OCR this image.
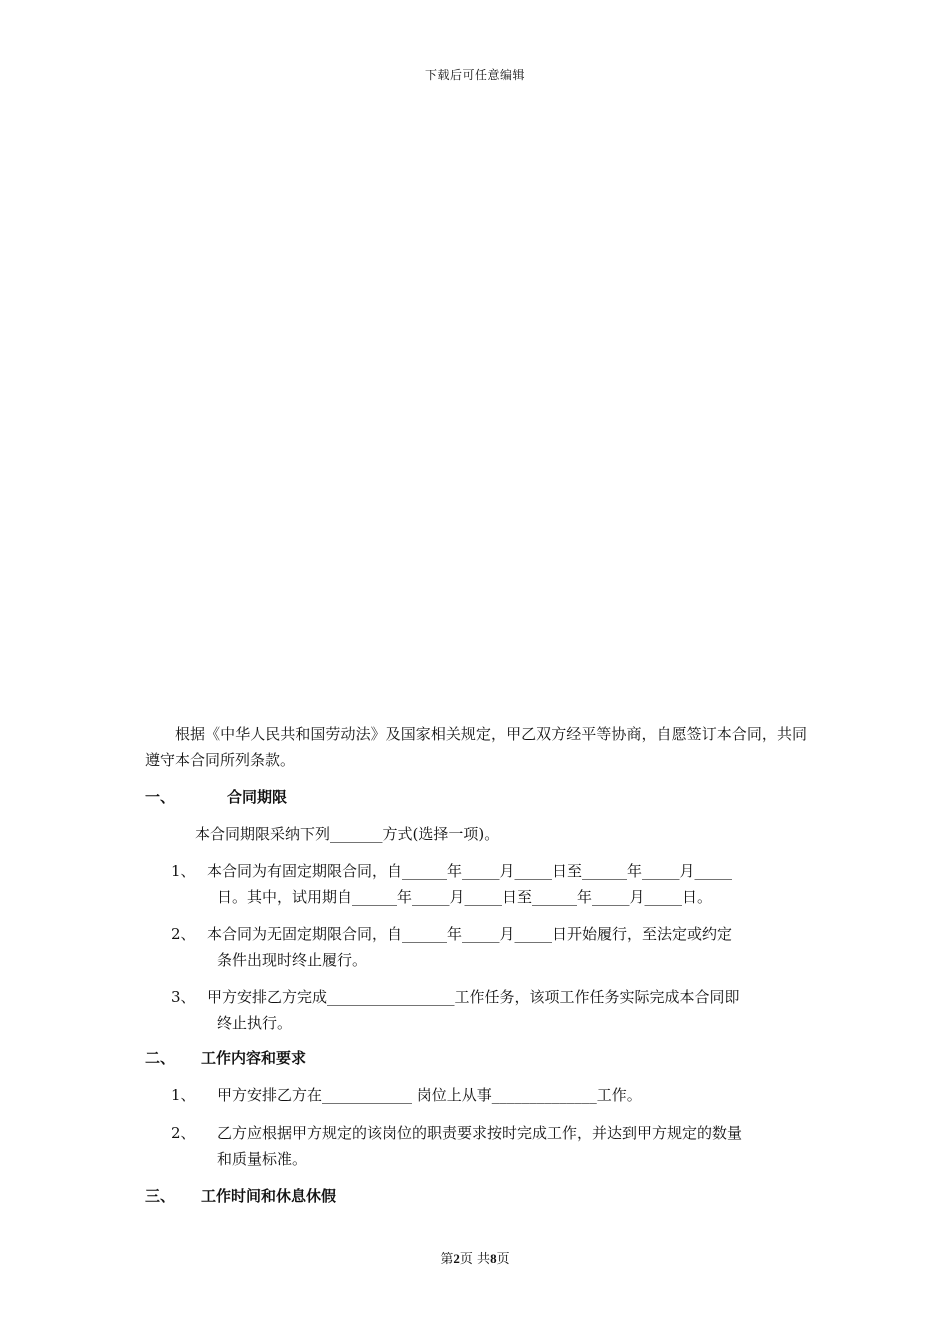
下载后可任意编辑
根据《中华人民共和国劳动法》及国家相关规定，甲乙双方经平等协商，自愿签订本合同，共同遵守本合同所列条款。
一、	合同期限
本合同期限采纳下列_______方式(选择一项)。
1、 本合同为有固定期限合同，自______年_____月_____日至______年_____月_____
日。其中，试用期自______年_____月_____日至______年_____月_____日。
2、 本合同为无固定期限合同，自______年_____月_____日开始履行，至法定或约定
条件出现时终止履行。
3、 甲方安排乙方完成_________________工作任务，该项工作任务实际完成本合同即
终止执行。
二、 工作内容和要求
1、	甲方安排乙方在____________ 岗位上从事______________工作。
2、	乙方应根据甲方规定的该岗位的职责要求按时完成工作，并达到甲方规定的数量
和质量标准。
三、 工作时间和休息休假
第2页 共8页
